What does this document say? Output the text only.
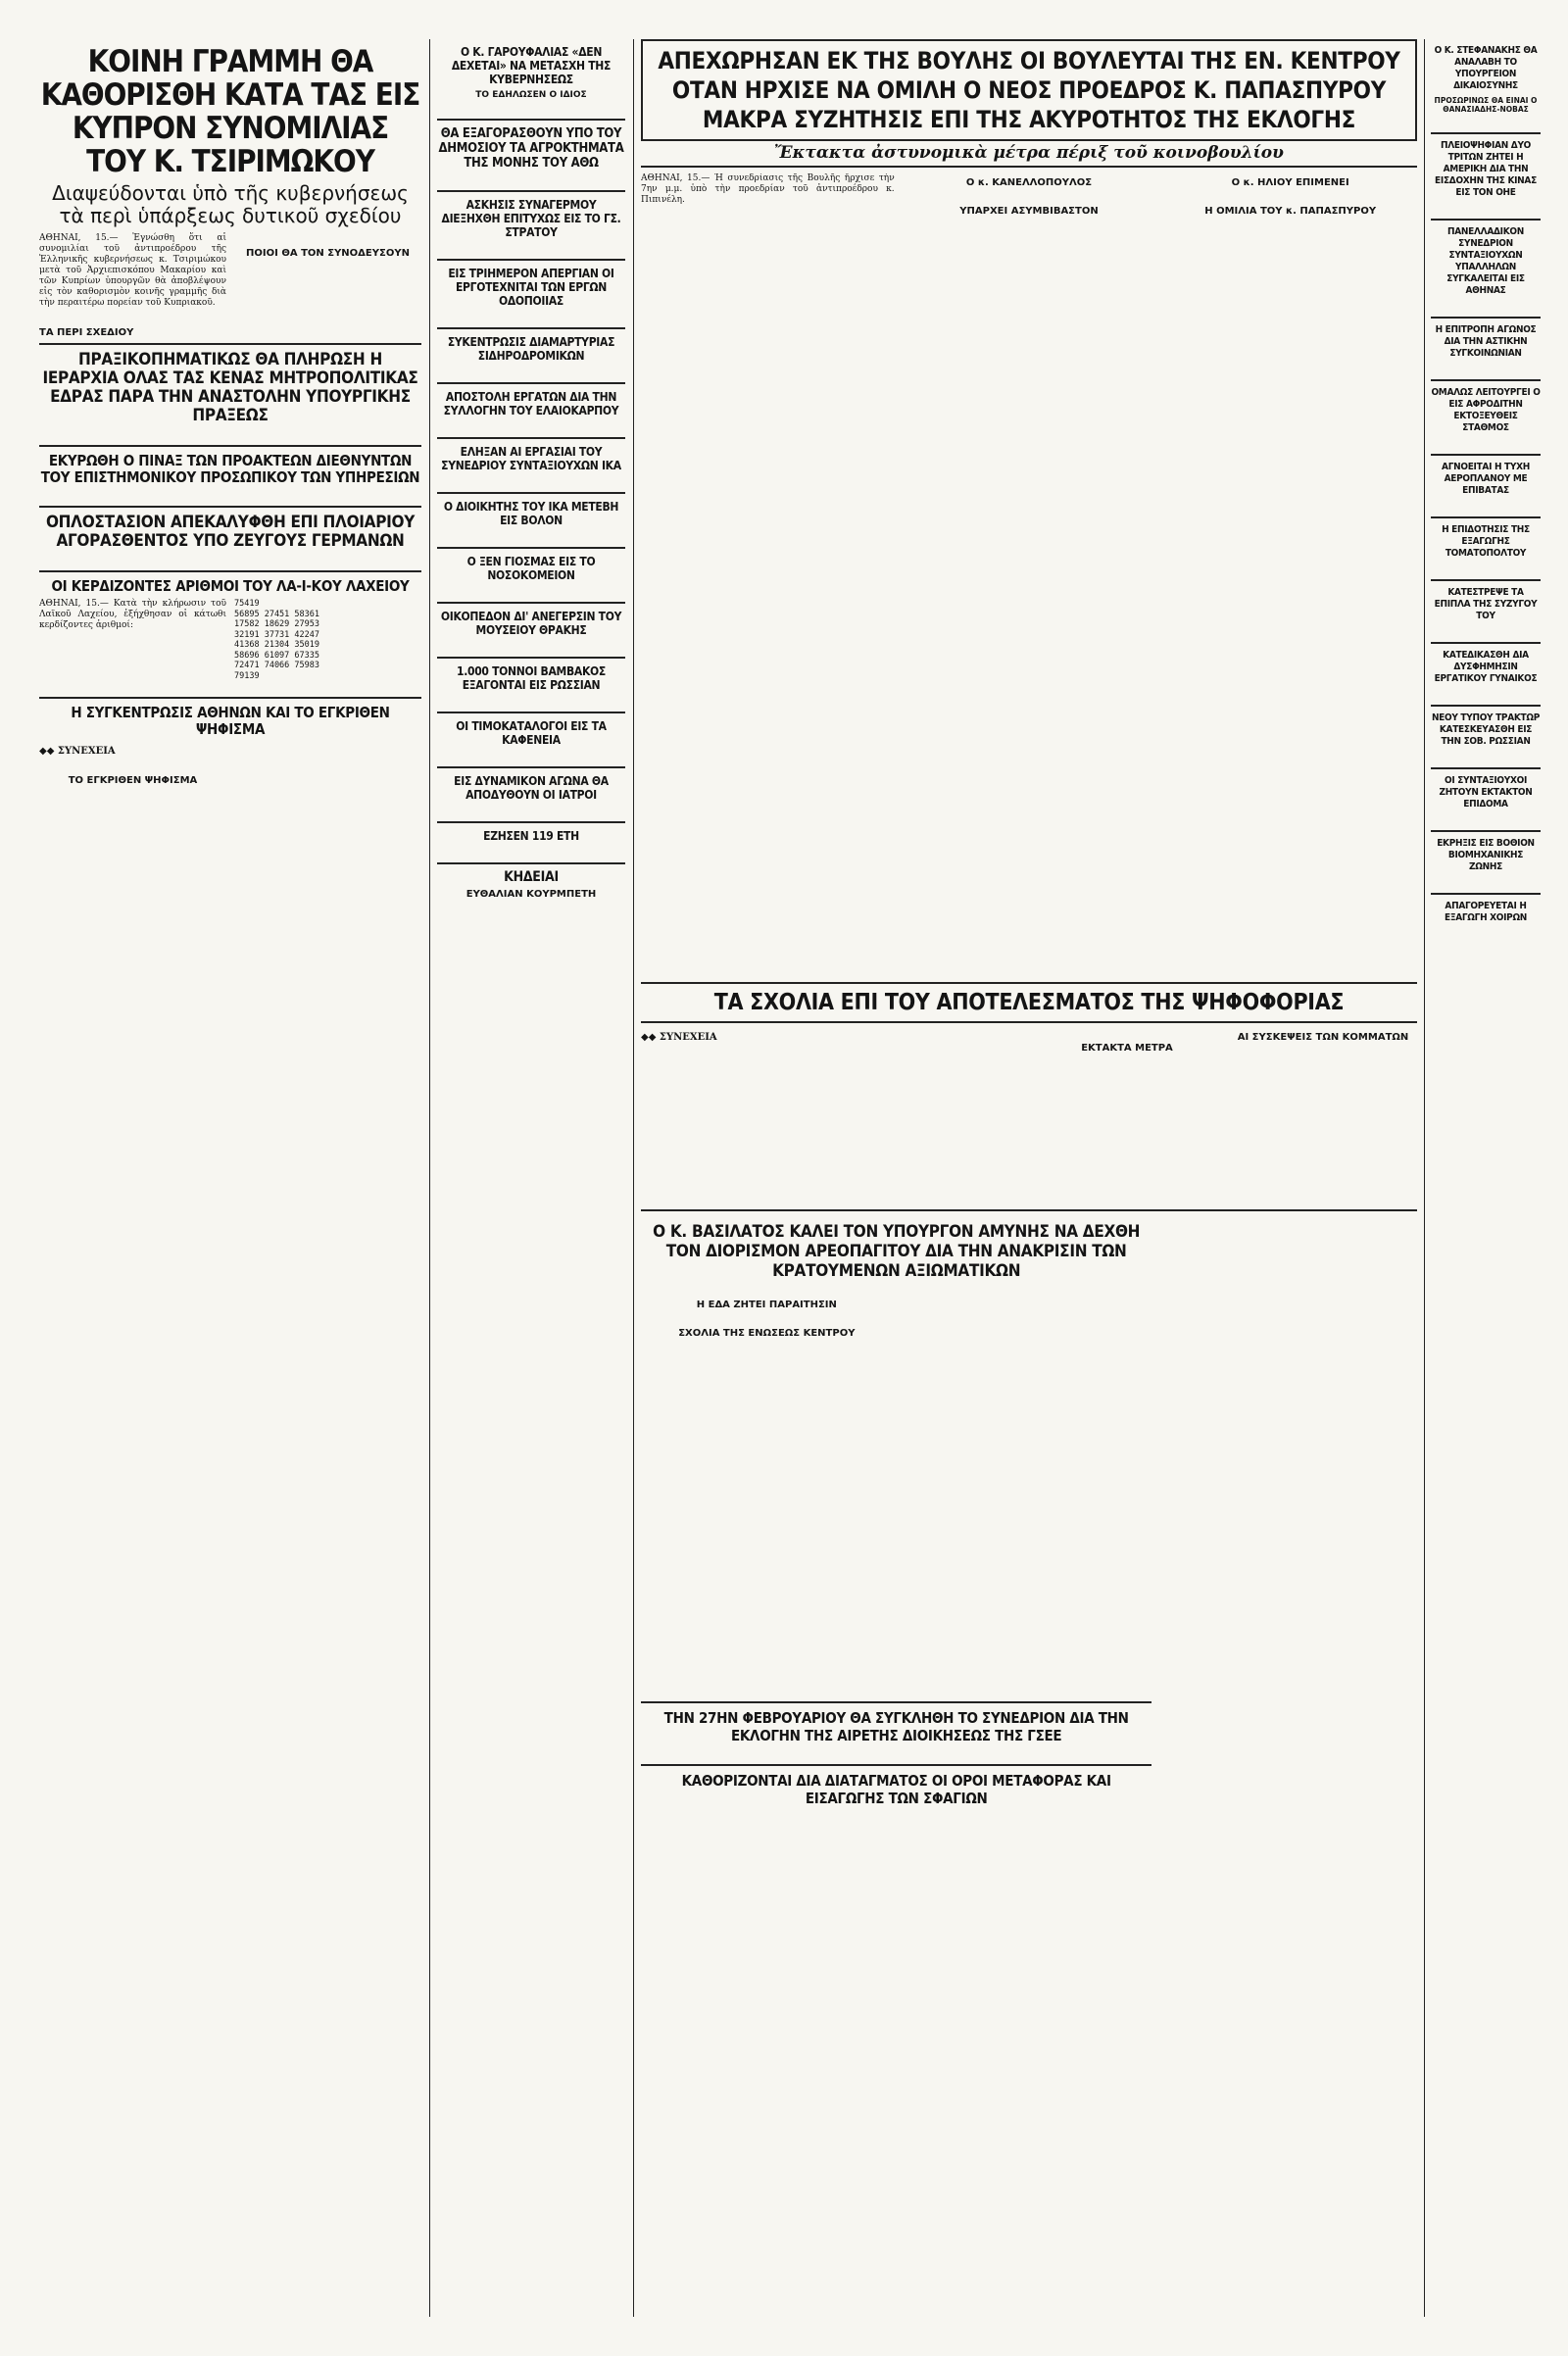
ΚΟΙΝΗ ΓΡΑΜΜΗ ΘΑ ΚΑΘΟΡΙΣΘΗ ΚΑΤΑ ΤΑΣ ΕΙΣ ΚΥΠΡΟΝ ΣΥΝΟΜΙΛΙΑΣ ΤΟΥ Κ. ΤΣΙΡΙΜΩΚΟΥ
Διαψεύδονται ὑπὸ τῆς κυβερνήσεως τὰ περὶ ὑπάρξεως δυτικοῦ σχεδίου

ΑΘΗΝΑΙ, 15.— Ἐγνώσθη ὅτι αἱ συνομιλίαι τοῦ ἀντιπροέδρου τῆς Ἑλληνικῆς κυβερνήσεως κ. Τσιριμώκου μετὰ τοῦ Ἀρχιεπισκόπου Μακαρίου καὶ τῶν Κυπρίων ὑπουργῶν θὰ ἀποβλέψουν εἰς τὸν καθορισμὸν κοινῆς γραμμῆς διὰ τὴν περαιτέρω πορείαν τοῦ Κυπριακοῦ.

ΠΟΙΟΙ ΘΑ ΤΟΝ ΣΥΝΟΔΕΥΣΟΥΝ

ΤΑ ΠΕΡΙ ΣΧΕΔΙΟΥ
ΠΡΑΞΙΚΟΠΗΜΑΤΙΚΩΣ ΘΑ ΠΛΗΡΩΣΗ Η ΙΕΡΑΡΧΙΑ ΟΛΑΣ ΤΑΣ ΚΕΝΑΣ ΜΗΤΡΟΠΟΛΙΤΙΚΑΣ ΕΔΡΑΣ ΠΑΡΑ ΤΗΝ ΑΝΑΣΤΟΛΗΝ ΥΠΟΥΡΓΙΚΗΣ ΠΡΑΞΕΩΣ

ΕΚΥΡΩΘΗ Ο ΠΙΝΑΞ ΤΩΝ ΠΡΟΑΚΤΕΩΝ ΔΙΕΘΝΥΝΤΩΝ ΤΟΥ ΕΠΙΣΤΗΜΟΝΙΚΟΥ ΠΡΟΣΩΠΙΚΟΥ ΤΩΝ ΥΠΗΡΕΣΙΩΝ

ΟΠΛΟΣΤΑΣΙΟΝ ΑΠΕΚΑΛΥΦΘΗ ΕΠΙ ΠΛΟΙΑΡΙΟΥ ΑΓΟΡΑΣΘΕΝΤΟΣ ΥΠΟ ΖΕΥΓΟΥΣ ΓΕΡΜΑΝΩΝ

ΟΙ ΚΕΡΔΙΖΟΝΤΕΣ ΑΡΙΘΜΟΙ ΤΟΥ ΛΑ-Ι-ΚΟΥ ΛΑΧΕΙΟΥ

ΑΘΗΝΑΙ, 15.— Κατὰ τὴν κλήρωσιν τοῦ Λαϊκοῦ Λαχείου, ἐξήχθησαν οἱ κάτωθι κερδίζοντες ἀριθμοί:

75419
56895 27451 58361
17582 18629 27953
32191 37731 42247
41368 21304 35019
58696 61097 67335
72471 74066 75983
79139

Η ΣΥΓΚΕΝΤΡΩΣΙΣ ΑΘΗΝΩΝ ΚΑΙ ΤΟ ΕΓΚΡΙΘΕΝ ΨΗΦΙΣΜΑ
◆◆ ΣΥΝΕΧΕΙΑ

ΤΟ ΕΓΚΡΙΘΕΝ ΨΗΦΙΣΜΑ

Ο Κ. ΓΑΡΟΥΦΑΛΙΑΣ «ΔΕΝ ΔΕΧΕΤΑΙ» ΝΑ ΜΕΤΑΣΧΗ ΤΗΣ ΚΥΒΕΡΝΗΣΕΩΣ
ΤΟ ΕΔΗΛΩΣΕΝ Ο ΙΔΙΟΣ

ΘΑ ΕΞΑΓΟΡΑΣΘΟΥΝ ΥΠΟ ΤΟΥ ΔΗΜΟΣΙΟΥ ΤΑ ΑΓΡΟΚΤΗΜΑΤΑ ΤΗΣ ΜΟΝΗΣ ΤΟΥ ΑΘΩ

ΑΣΚΗΣΙΣ ΣΥΝΑΓΕΡΜΟΥ ΔΙΕΞΗΧΘΗ ΕΠΙΤΥΧΩΣ ΕΙΣ ΤΟ ΓΣ. ΣΤΡΑΤΟΥ

ΕΙΣ ΤΡΙΗΜΕΡΟΝ ΑΠΕΡΓΙΑΝ ΟΙ ΕΡΓΟΤΕΧΝΙΤΑΙ ΤΩΝ ΕΡΓΩΝ ΟΔΟΠΟΙΙΑΣ

ΣΥΚΕΝΤΡΩΣΙΣ ΔΙΑΜΑΡΤΥΡΙΑΣ ΣΙΔΗΡΟΔΡΟΜΙΚΩΝ

ΑΠΟΣΤΟΛΗ ΕΡΓΑΤΩΝ ΔΙΑ ΤΗΝ ΣΥΛΛΟΓΗΝ ΤΟΥ ΕΛΑΙΟΚΑΡΠΟΥ

ΕΛΗΞΑΝ ΑΙ ΕΡΓΑΣΙΑΙ ΤΟΥ ΣΥΝΕΔΡΙΟΥ ΣΥΝΤΑΞΙΟΥΧΩΝ ΙΚΑ

Ο ΔΙΟΙΚΗΤΗΣ ΤΟΥ ΙΚΑ ΜΕΤΕΒΗ ΕΙΣ ΒΟΛΟΝ

Ο ΞΕΝ ΓΙΟΣΜΑΣ ΕΙΣ ΤΟ ΝΟΣΟΚΟΜΕΙΟΝ

ΟΙΚΟΠΕΔΟΝ ΔΙ' ΑΝΕΓΕΡΣΙΝ ΤΟΥ ΜΟΥΣΕΙΟΥ ΘΡΑΚΗΣ

1.000 ΤΟΝΝΟΙ ΒΑΜΒΑΚΟΣ ΕΞΑΓΟΝΤΑΙ ΕΙΣ ΡΩΣΣΙΑΝ

ΟΙ ΤΙΜΟΚΑΤΑΛΟΓΟΙ ΕΙΣ ΤΑ ΚΑΦΕΝΕΙΑ

ΕΙΣ ΔΥΝΑΜΙΚΟΝ ΑΓΩΝΑ ΘΑ ΑΠΟΔΥΘΟΥΝ ΟΙ ΙΑΤΡΟΙ

ΕΖΗΣΕΝ 119 ΕΤΗ

ΚΗΔΕΙΑΙ
ΕΥΘΑΛΙΑΝ ΚΟΥΡΜΠΕΤΗ

ΑΠΕΧΩΡΗΣΑΝ ΕΚ ΤΗΣ ΒΟΥΛΗΣ ΟΙ ΒΟΥΛΕΥΤΑΙ ΤΗΣ ΕΝ. ΚΕΝΤΡΟΥ
ΟΤΑΝ ΗΡΧΙΣΕ ΝΑ ΟΜΙΛΗ Ο ΝΕΟΣ ΠΡΟΕΔΡΟΣ Κ. ΠΑΠΑΣΠΥΡΟΥ
ΜΑΚΡΑ ΣΥΖΗΤΗΣΙΣ ΕΠΙ ΤΗΣ ΑΚΥΡΟΤΗΤΟΣ ΤΗΣ ΕΚΛΟΓΗΣ
Ἔκτακτα ἀστυνομικὰ μέτρα πέριξ τοῦ κοινοβουλίου

ΑΘΗΝΑΙ, 15.— Ἡ συνεδρίασις τῆς Βουλῆς ἤρχισε τὴν 7ην μ.μ. ὑπὸ τὴν προεδρίαν τοῦ ἀντιπροέδρου κ. Πιπινέλη.

Ο κ. ΚΑΝΕΛΛΟΠΟΥΛΟΣ

ΥΠΑΡΧΕΙ ΑΣΥΜΒΙΒΑΣΤΟΝ

Ο κ. ΗΛΙΟΥ ΕΠΙΜΕΝΕΙ

Η ΟΜΙΛΙΑ ΤΟΥ κ. ΠΑΠΑΣΠΥΡΟΥ

ΤΑ ΣΧΟΛΙΑ ΕΠΙ ΤΟΥ ΑΠΟΤΕΛΕΣΜΑΤΟΣ ΤΗΣ ΨΗΦΟΦΟΡΙΑΣ
◆◆ ΣΥΝΕΧΕΙΑ

ΕΚΤΑΚΤΑ ΜΕΤΡΑ

ΑΙ ΣΥΣΚΕΨΕΙΣ ΤΩΝ ΚΟΜΜΑΤΩΝ

Ο Κ. ΒΑΣΙΛΑΤΟΣ ΚΑΛΕΙ ΤΟΝ ΥΠΟΥΡΓΟΝ ΑΜΥΝΗΣ ΝΑ ΔΕΧΘΗ ΤΟΝ ΔΙΟΡΙΣΜΟΝ ΑΡΕΟΠΑΓΙΤΟΥ ΔΙΑ ΤΗΝ ΑΝΑΚΡΙΣΙΝ ΤΩΝ ΚΡΑΤΟΥΜΕΝΩΝ ΑΞΙΩΜΑΤΙΚΩΝ

Η ΕΔΑ ΖΗΤΕΙ ΠΑΡΑΙΤΗΣΙΝ

ΣΧΟΛΙΑ ΤΗΣ ΕΝΩΣΕΩΣ ΚΕΝΤΡΟΥ

ΤΗΝ 27ΗΝ ΦΕΒΡΟΥΑΡΙΟΥ ΘΑ ΣΥΓΚΛΗΘΗ ΤΟ ΣΥΝΕΔΡΙΟΝ ΔΙΑ ΤΗΝ ΕΚΛΟΓΗΝ ΤΗΣ ΑΙΡΕΤΗΣ ΔΙΟΙΚΗΣΕΩΣ ΤΗΣ ΓΣΕΕ

ΚΑΘΟΡΙΖΟΝΤΑΙ ΔΙΑ ΔΙΑΤΑΓΜΑΤΟΣ ΟΙ ΟΡΟΙ ΜΕΤΑΦΟΡΑΣ ΚΑΙ ΕΙΣΑΓΩΓΗΣ ΤΩΝ ΣΦΑΓΙΩΝ

Ο Κ. ΣΤΕΦΑΝΑΚΗΣ ΘΑ ΑΝΑΛΑΒΗ ΤΟ ΥΠΟΥΡΓΕΙΟΝ ΔΙΚΑΙΟΣΥΝΗΣ
ΠΡΟΣΩΡΙΝΩΣ ΘΑ ΕΙΝΑΙ Ο ΘΑΝΑΣΙΑΔΗΣ-ΝΟΒΑΣ

ΠΛΕΙΟΨΗΦΙΑΝ ΔΥΟ ΤΡΙΤΩΝ ΖΗΤΕΙ Η ΑΜΕΡΙΚΗ ΔΙΑ ΤΗΝ ΕΙΣΔΟΧΗΝ ΤΗΣ ΚΙΝΑΣ ΕΙΣ ΤΟΝ ΟΗΕ

ΠΑΝΕΛΛΑΔΙΚΟΝ ΣΥΝΕΔΡΙΟΝ ΣΥΝΤΑΞΙΟΥΧΩΝ ΥΠΑΛΛΗΛΩΝ ΣΥΓΚΑΛΕΙΤΑΙ ΕΙΣ ΑΘΗΝΑΣ

Η ΕΠΙΤΡΟΠΗ ΑΓΩΝΟΣ ΔΙΑ ΤΗΝ ΑΣΤΙΚΗΝ ΣΥΓΚΟΙΝΩΝΙΑΝ

ΟΜΑΛΩΣ ΛΕΙΤΟΥΡΓΕΙ Ο ΕΙΣ ΑΦΡΟΔΙΤΗΝ ΕΚΤΟΞΕΥΘΕΙΣ ΣΤΑΘΜΟΣ

ΑΓΝΟΕΙΤΑΙ Η ΤΥΧΗ ΑΕΡΟΠΛΑΝΟΥ ΜΕ ΕΠΙΒΑΤΑΣ

Η ΕΠΙΔΟΤΗΣΙΣ ΤΗΣ ΕΞΑΓΩΓΗΣ ΤΟΜΑΤΟΠΟΛΤΟΥ

ΚΑΤΕΣΤΡΕΨΕ ΤΑ ΕΠΙΠΛΑ ΤΗΣ ΣΥΖΥΓΟΥ ΤΟΥ

ΚΑΤΕΔΙΚΑΣΘΗ ΔΙΑ ΔΥΣΦΗΜΗΣΙΝ ΕΡΓΑΤΙΚΟΥ ΓΥΝΑΙΚΟΣ

ΝΕΟΥ ΤΥΠΟΥ ΤΡΑΚΤΩΡ ΚΑΤΕΣΚΕΥΑΣΘΗ ΕΙΣ ΤΗΝ ΣΟΒ. ΡΩΣΣΙΑΝ

ΟΙ ΣΥΝΤΑΞΙΟΥΧΟΙ ΖΗΤΟΥΝ ΕΚΤΑΚΤΟΝ ΕΠΙΔΟΜΑ

ΕΚΡΗΞΙΣ ΕΙΣ ΒΟΘΙΟΝ ΒΙΟΜΗΧΑΝΙΚΗΣ ΖΩΝΗΣ

ΑΠΑΓΟΡΕΥΕΤΑΙ Η ΕΞΑΓΩΓΗ ΧΟΙΡΩΝ
